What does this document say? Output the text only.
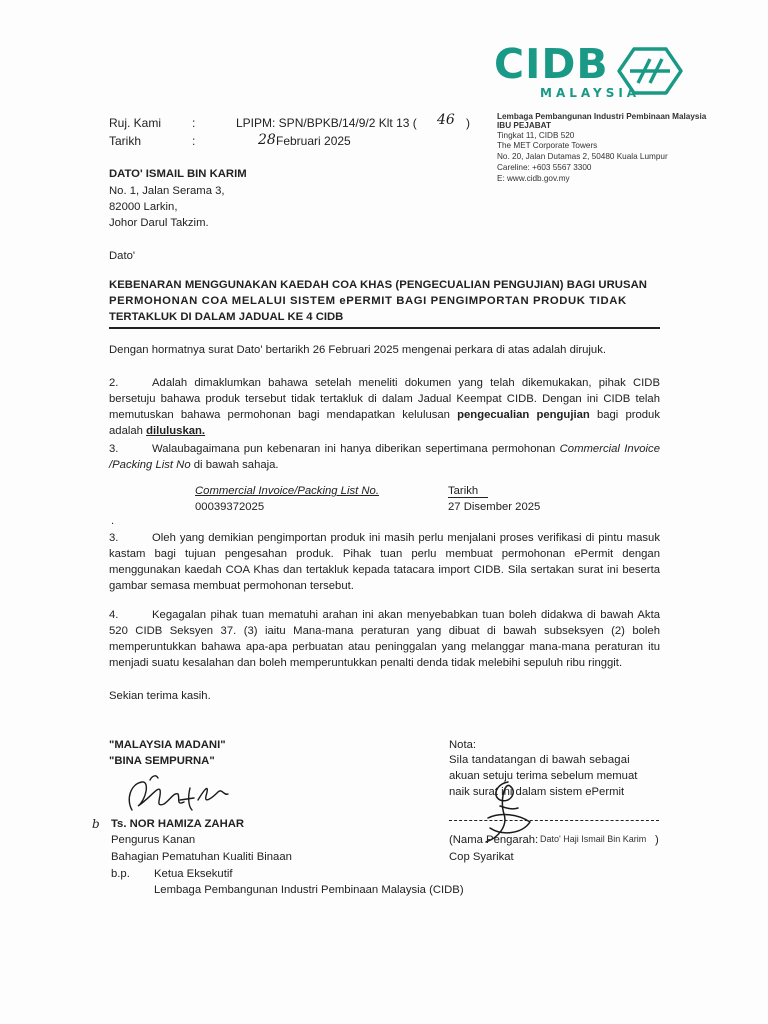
CIDB
MALAYSIA
Lembaga Pembangunan Industri Pembinaan Malaysia
IBU PEJABAT
Tingkat 11, CIDB 520
The MET Corporate Towers
No. 20, Jalan Dutamas 2, 50480 Kuala Lumpur
Careline: +603 5567 3300
E: www.cidb.gov.my
Ruj. Kami	:	LPIPM: SPN/BPKB/14/9/2 Klt 13 ( 46 )
Tarikh	:	28 Februari 2025
DATO' ISMAIL BIN KARIM
No. 1, Jalan Serama 3,
82000 Larkin,
Johor Darul Takzim.
Dato'
KEBENARAN MENGGUNAKAN KAEDAH COA KHAS (PENGECUALIAN PENGUJIAN) BAGI URUSAN
PERMOHONAN COA MELALUI SISTEM ePERMIT BAGI PENGIMPORTAN PRODUK TIDAK
TERTAKLUK DI DALAM JADUAL KE 4 CIDB
Dengan hormatnya surat Dato' bertarikh 26 Februari 2025 mengenai perkara di atas adalah dirujuk.
2.	Adalah dimaklumkan bahawa setelah meneliti dokumen yang telah dikemukakan, pihak CIDB bersetuju bahawa produk tersebut tidak tertakluk di dalam Jadual Keempat CIDB. Dengan ini CIDB telah memutuskan bahawa permohonan bagi mendapatkan kelulusan pengecualian pengujian bagi produk adalah diluluskan.
3.	Walaubagaimana pun kebenaran ini hanya diberikan sepertimana permohonan Commercial Invoice /Packing List No di bawah sahaja.
Commercial Invoice/Packing List No.	Tarikh
00039372025	27 Disember 2025
.
3.	Oleh yang demikian pengimportan produk ini masih perlu menjalani proses verifikasi di pintu masuk kastam bagi tujuan pengesahan produk. Pihak tuan perlu membuat permohonan ePermit dengan menggunakan kaedah COA Khas dan tertakluk kepada tatacara import CIDB. Sila sertakan surat ini beserta gambar semasa membuat permohonan tersebut.
4.	Kegagalan pihak tuan mematuhi arahan ini akan menyebabkan tuan boleh didakwa di bawah Akta 520 CIDB Seksyen 37. (3) iaitu Mana-mana peraturan yang dibuat di bawah subseksyen (2) boleh memperuntukkan bahawa apa-apa perbuatan atau peninggalan yang melanggar mana-mana peraturan itu menjadi suatu kesalahan dan boleh memperuntukkan penalti denda tidak melebihi sepuluh ribu ringgit.
Sekian terima kasih.
"MALAYSIA MADANI"
"BINA SEMPURNA"
b Ts. NOR HAMIZA ZAHAR
Pengurus Kanan
Bahagian Pematuhan Kualiti Binaan
b.p. Ketua Eksekutif
Lembaga Pembangunan Industri Pembinaan Malaysia (CIDB)
Nota:
Sila tandatangan di bawah sebagai
akuan setuju terima sebelum memuat
naik surat ini dalam sistem ePermit
(Nama Pengarah: Dato' Haji Ismail Bin Karim )
Cop Syarikat
